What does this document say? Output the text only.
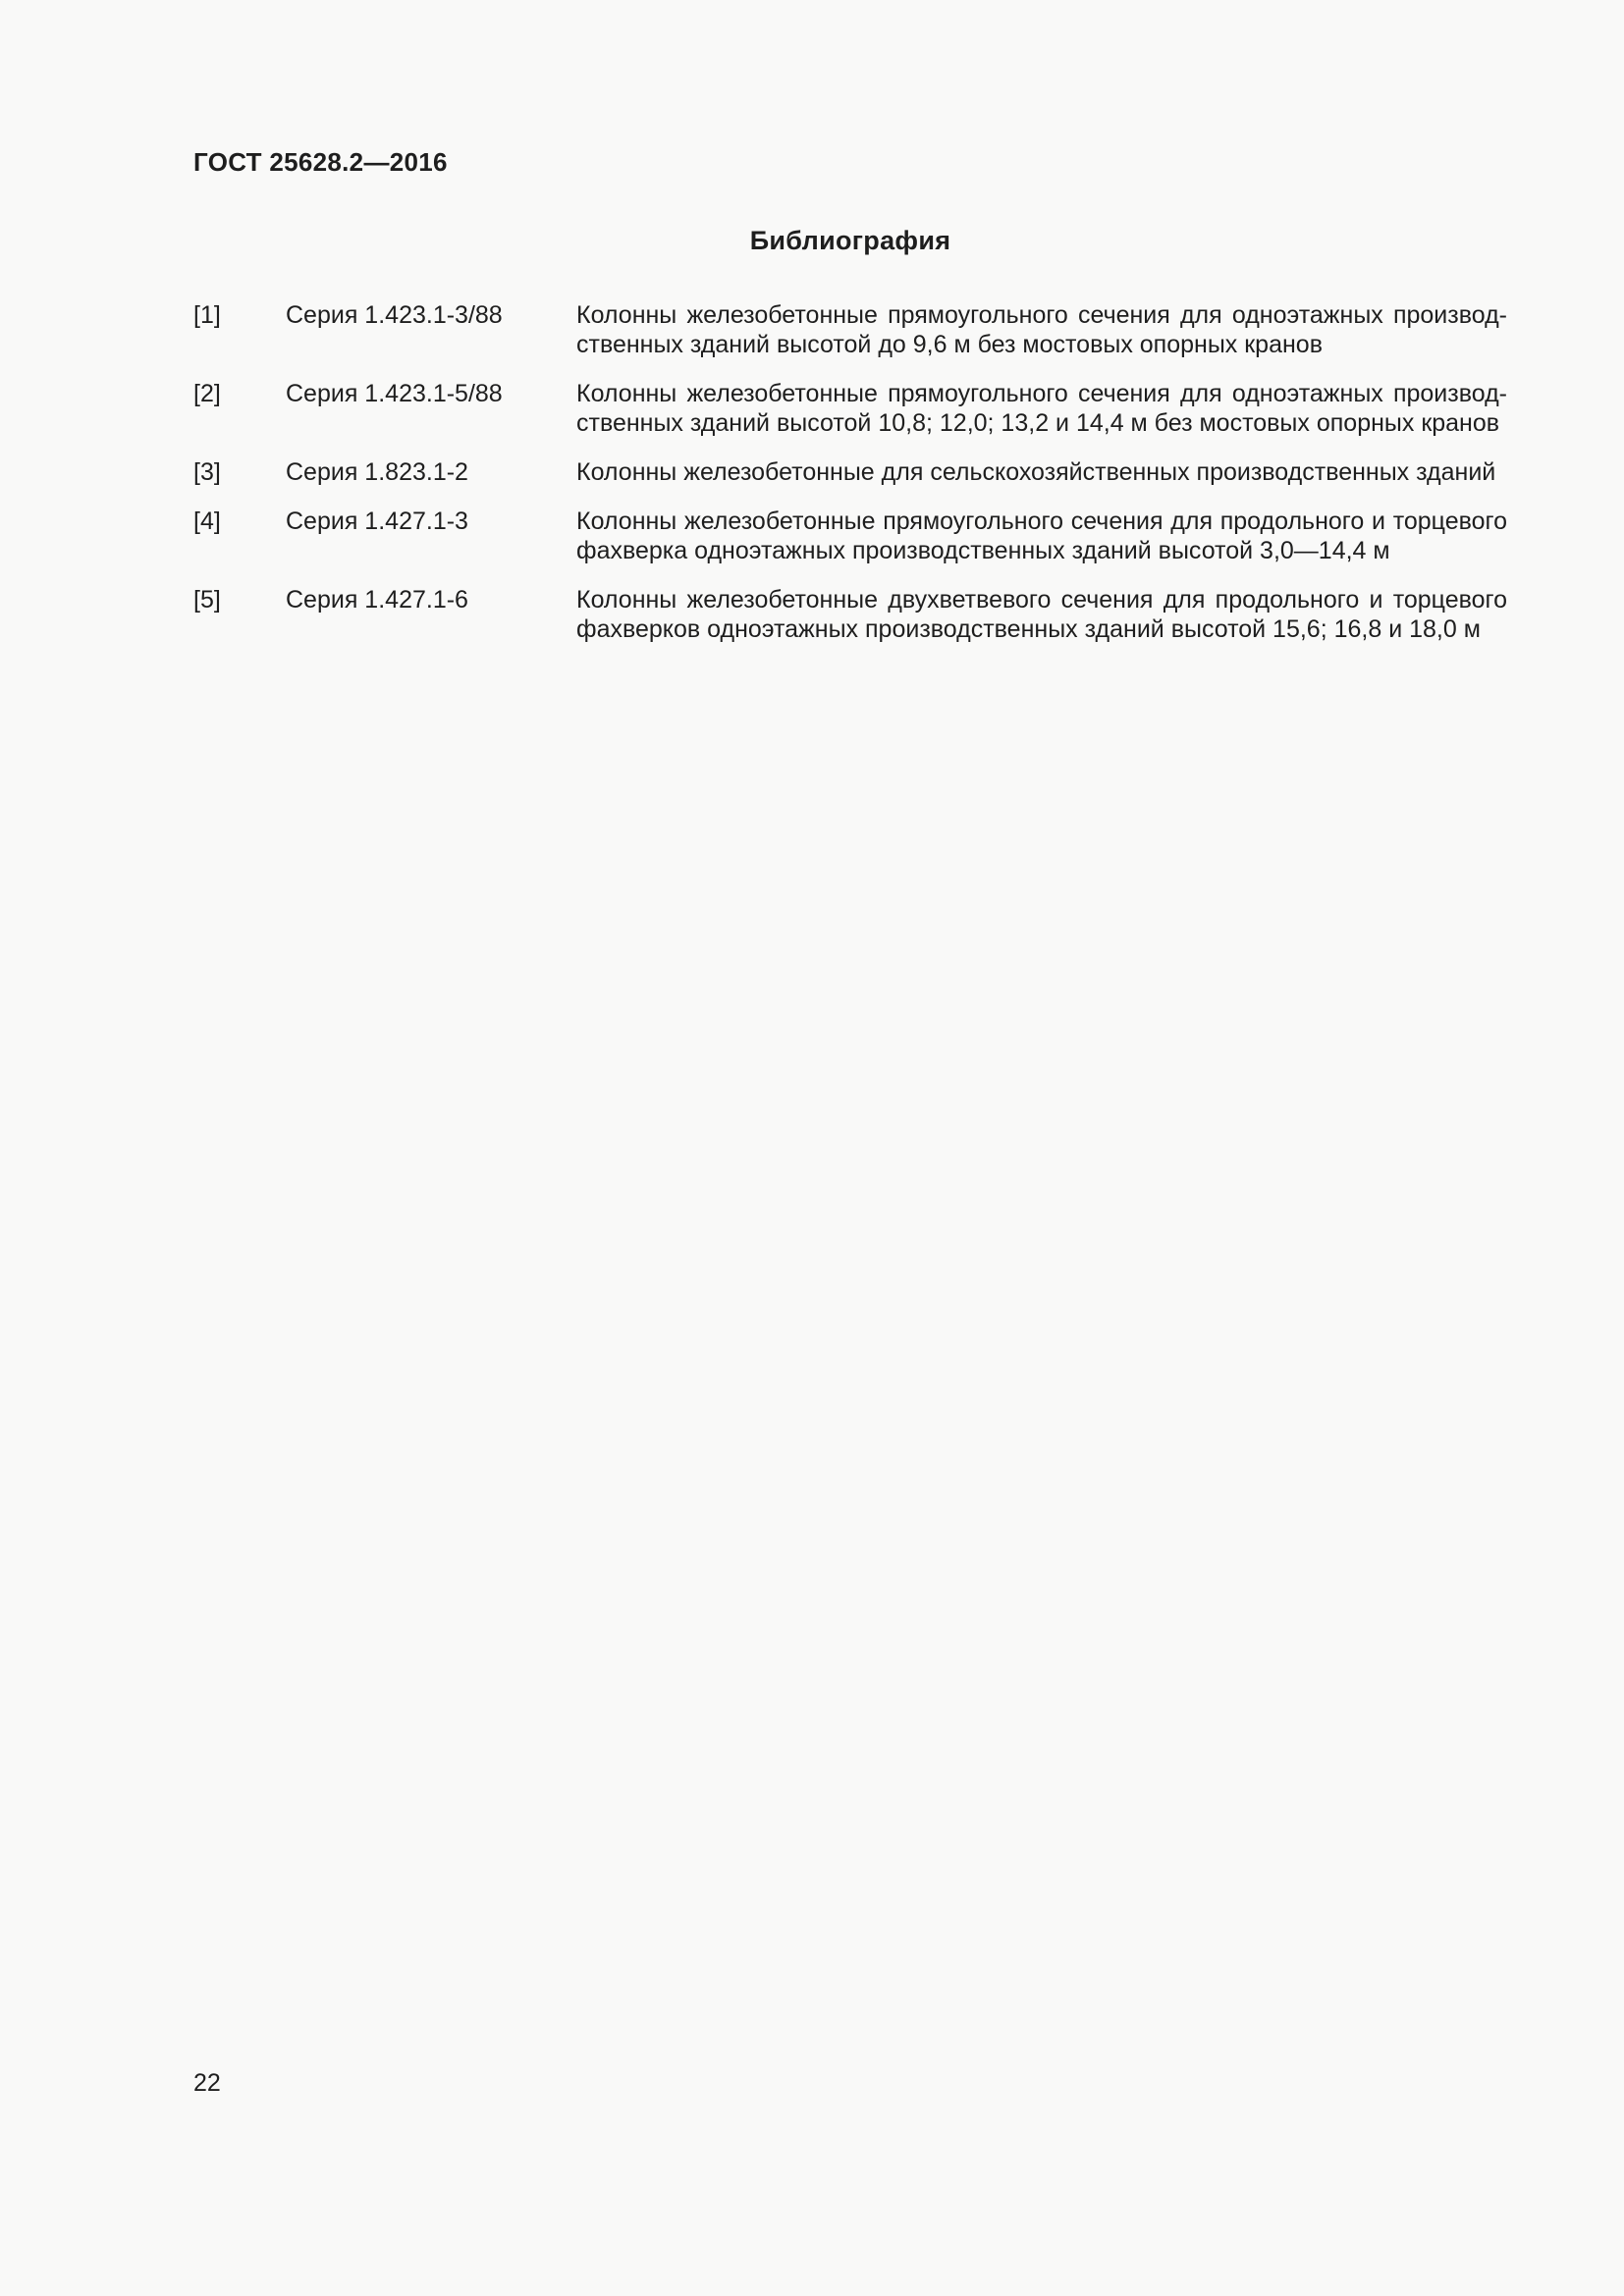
ГОСТ 25628.2—2016
Библиография
[1]	Серия 1.423.1-3/88	Колонны железобетонные прямоугольного сечения для одноэтажных производ-ственных зданий высотой до 9,6 м без мостовых опорных кранов
[2]	Серия 1.423.1-5/88	Колонны железобетонные прямоугольного сечения для одноэтажных производ-ственных зданий высотой 10,8; 12,0; 13,2 и 14,4 м без мостовых опорных кранов
[3]	Серия 1.823.1-2	Колонны железобетонные для сельскохозяйственных производственных зданий
[4]	Серия 1.427.1-3	Колонны железобетонные прямоугольного сечения для продольного и торцевого фахверка одноэтажных производственных зданий высотой 3,0—14,4 м
[5]	Серия 1.427.1-6	Колонны железобетонные двухветвевого сечения для продольного и торцевого фахверков одноэтажных производственных зданий высотой 15,6; 16,8 и 18,0 м
22
